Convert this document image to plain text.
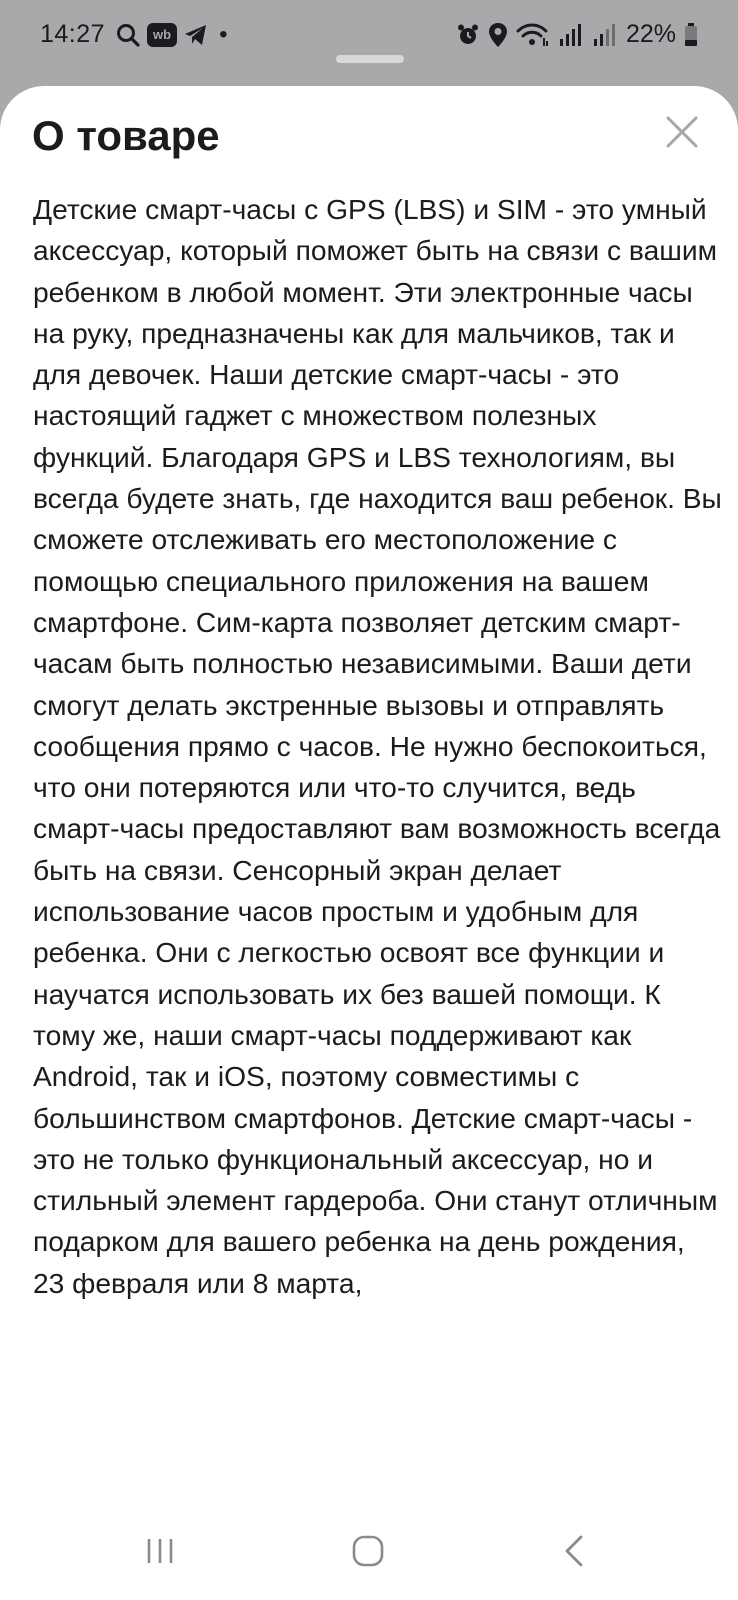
14:27	wb •	22%
О товаре

Детские смарт-часы с GPS (LBS) и SIM - это умный аксессуар, который поможет быть на связи с вашим ребенком в любой момент. Эти электронные часы на руку, предназначены как для мальчиков, так и для девочек. Наши детские смарт-часы - это настоящий гаджет с множеством полезных функций. Благодаря GPS и LBS технологиям, вы всегда будете знать, где находится ваш ребенок. Вы сможете отслеживать его местоположение с помощью специального приложения на вашем смартфоне. Сим-карта позволяет детским смарт-часам быть полностью независимыми. Ваши дети смогут делать экстренные вызовы и отправлять сообщения прямо с часов. Не нужно беспокоиться, что они потеряются или что-то случится, ведь смарт-часы предоставляют вам возможность всегда быть на связи. Сенсорный экран делает использование часов простым и удобным для ребенка. Они с легкостью освоят все функции и научатся использовать их без вашей помощи. К тому же, наши смарт-часы поддерживают как Android, так и iOS, поэтому совместимы с большинством смартфонов. Детские смарт-часы - это не только функциональный аксессуар, но и стильный элемент гардероба. Они станут отличным подарком для вашего ребенка на день рождения, 23 февраля или 8 марта,
